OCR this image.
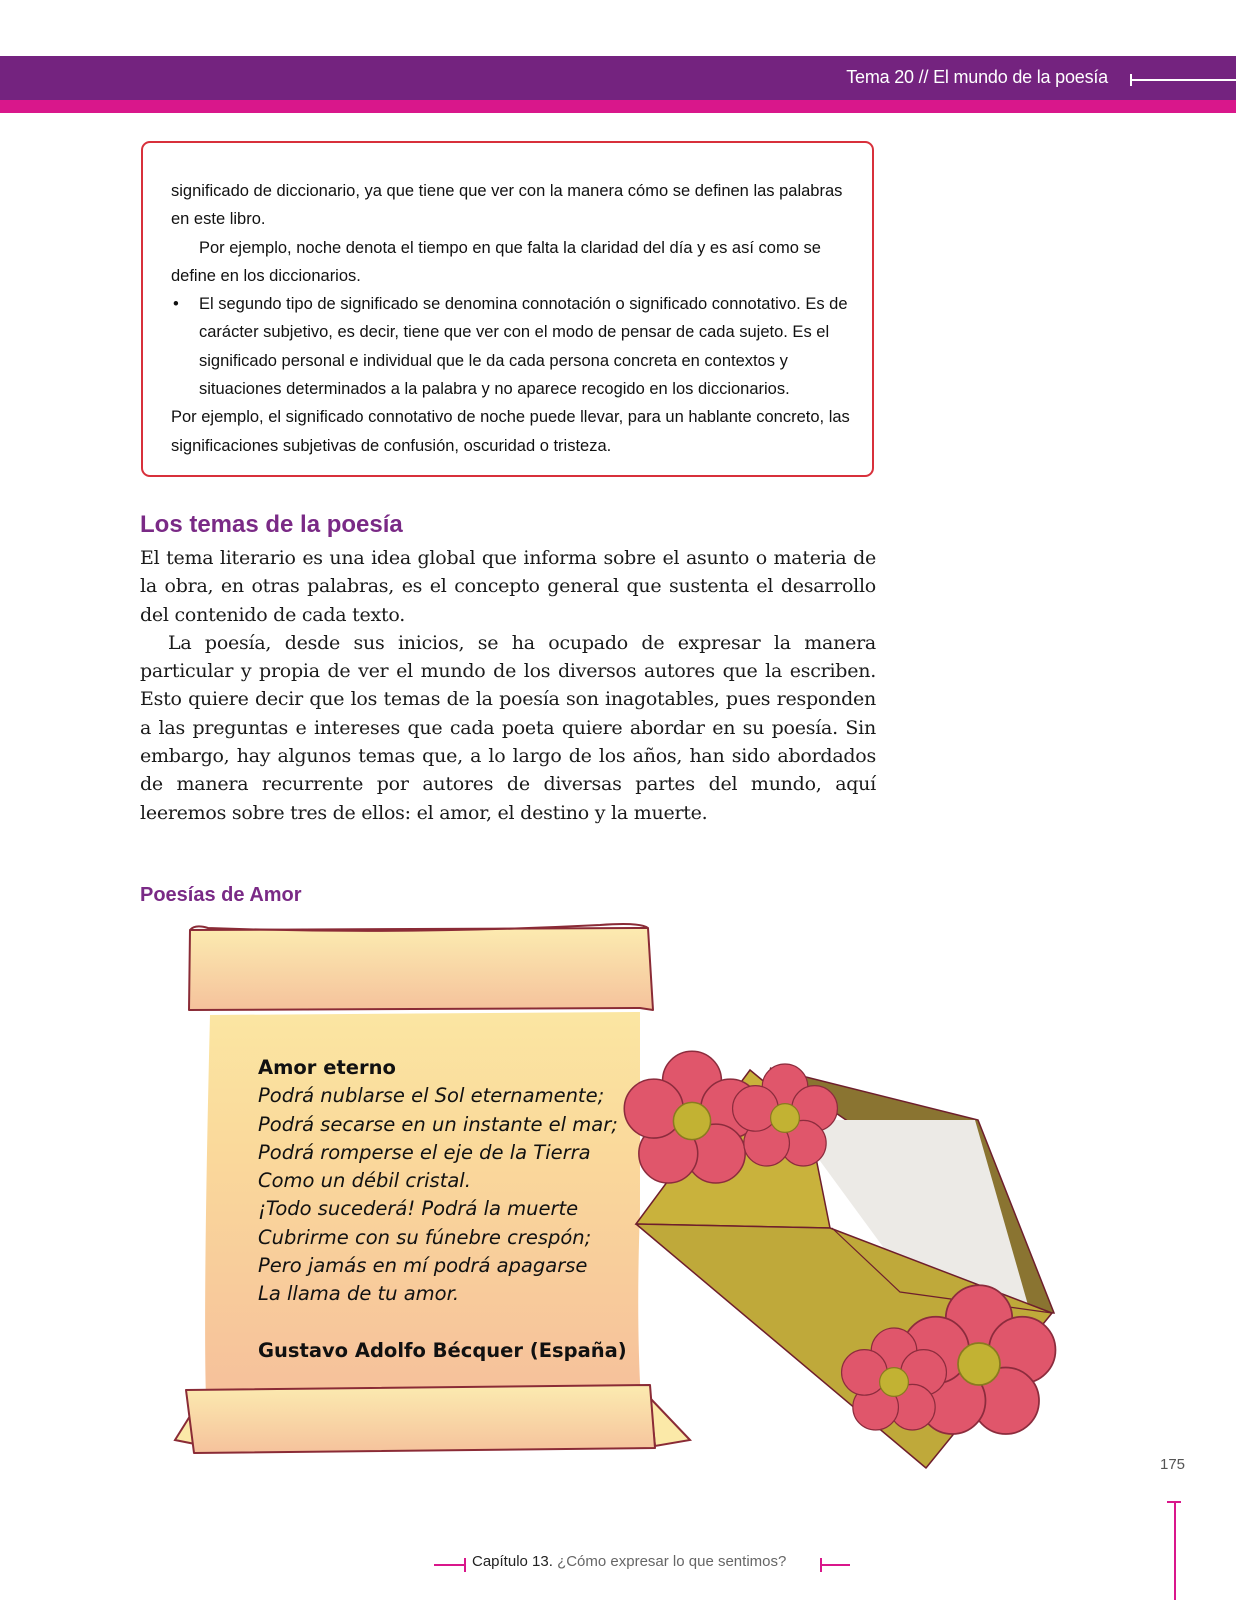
Tema 20 // El mundo de la poesía

significado de diccionario, ya que tiene que ver con la manera cómo se definen las palabras en este libro.

Por ejemplo, noche denota el tiempo en que falta la claridad del día y es así como se define en los diccionarios.

• El segundo tipo de significado se denomina connotación o significado connotativo. Es de carácter subjetivo, es decir, tiene que ver con el modo de pensar de cada sujeto. Es el significado personal e individual que le da cada persona concreta en contextos y situaciones determinados a la palabra y no aparece recogido en los diccionarios.

Por ejemplo, el significado connotativo de noche puede llevar, para un hablante concreto, las significaciones subjetivas de confusión, oscuridad o tristeza.

Los temas de la poesía

El tema literario es una idea global que informa sobre el asunto o materia de la obra, en otras palabras, es el concepto general que sustenta el desarrollo del contenido de cada texto.

La poesía, desde sus inicios, se ha ocupado de expresar la manera particular y propia de ver el mundo de los diversos autores que la escriben. Esto quiere decir que los temas de la poesía son inagotables, pues responden a las preguntas e intereses que cada poeta quiere abordar en su poesía. Sin embargo, hay algunos temas que, a lo largo de los años, han sido abordados de manera recurrente por autores de diversas partes del mundo, aquí leeremos sobre tres de ellos: el amor, el destino y la muerte.

Poesías de Amor
Amor eterno
Podrá nublarse el Sol eternamente;
Podrá secarse en un instante el mar;
Podrá romperse el eje de la Tierra
Como un débil cristal.
¡Todo sucederá! Podrá la muerte
Cubrirme con su fúnebre crespón;
Pero jamás en mí podrá apagarse
La llama de tu amor.
Gustavo Adolfo Bécquer (España)
175
Capítulo 13. ¿Cómo expresar lo que sentimos?
